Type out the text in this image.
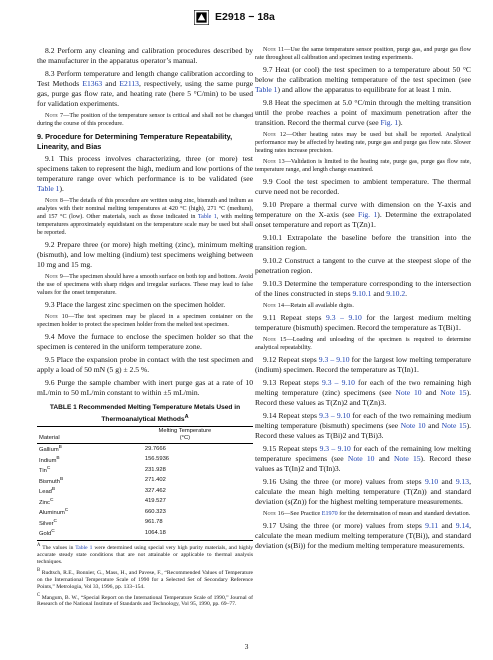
E2918 − 18a

8.2 Perform any cleaning and calibration procedures described by the manufacturer in the apparatus operator’s manual.

8.3 Perform temperature and length change calibration according to Test Methods E1363 and E2113, respectively, using the same purge gas, purge gas flow rate, and heating rate (here 5 °C/min) to be used for validation experiments.

Note 7—The position of the temperature sensor is critical and shall not be changed during the course of this procedure.

9. Procedure for Determining Temperature Repeatability, Linearity, and Bias

9.1 This process involves characterizing, three (or more) test specimens taken to represent the high, medium and low portions of the temperature range over which performance is to be validated (see Table 1).

Note 8—The details of this procedure are written using zinc, bismuth and indium as analytes with their nominal melting temperatures at 420 °C (high), 271 °C (medium), and 157 °C (low). Other materials, such as those indicated in Table 1, with melting temperatures approximately equidistant on the temperature scale may be used but shall be reported.

9.2 Prepare three (or more) high melting (zinc), minimum melting (bismuth), and low melting (indium) test specimens weighing between 10 mg and 15 mg.

Note 9—The specimen should have a smooth surface on both top and bottom. Avoid the use of specimens with sharp ridges and irregular surfaces. These may lead to false values for the onset temperature.

9.3 Place the largest zinc specimen on the specimen holder.

Note 10—The test specimen may be placed in a specimen container on the specimen holder to protect the specimen holder from the melted test specimen.

9.4 Move the furnace to enclose the specimen holder so that the specimen is centered in the uniform temperature zone.

9.5 Place the expansion probe in contact with the test specimen and apply a load of 50 mN (5 g) ± 2.5 %.

9.6 Purge the sample chamber with inert purge gas at a rate of 10 mL/min to 50 mL/min constant to within ±5 mL/min.

TABLE 1 Recommended Melting Temperature Metals Used in Thermoanalytical Methods$^A$
Material	Melting Temperature
(°C)
Gallium$^B$	29.7666
Indium$^B$	156.5936
Tin$^C$	231.928
Bismuth$^B$	271.402
Lead$^B$	327.462
Zinc$^C$	419.527
Aluminum$^C$	660.323
Silver$^C$	961.78
Gold$^C$	1064.18

$^A$ The values in Table 1 were determined using special very high purity materials, and highly accurate steady state conditions that are not attainable or applicable to thermal analysis techniques.

$^B$ Rudtsch, R.E., Bonnier, G., Mass, H., and Pavese, F., “Recommended Values of Temperature on the International Temperature Scale of 1990 for a Selected Set of Secondary Reference Points,” Metrologia, Vol 33, 1996, pp. 133–154.

$^C$ Mangum, B. W., “Special Report on the International Temperature Scale of 1990,” Journal of Research of the National Institute of Standards and Technology, Vol 95, 1990, pp. 69–77.

Note 11—Use the same temperature sensor position, purge gas, and purge gas flow rate throughout all calibration and specimen testing experiments.

9.7 Heat (or cool) the test specimen to a temperature about 50 °C below the calibration melting temperature of the test specimen (see Table 1) and allow the apparatus to equilibrate for at least 1 min.

9.8 Heat the specimen at 5.0 °C/min through the melting transition until the probe reaches a point of maximum penetration after the transition. Record the thermal curve (see Fig. 1).

Note 12—Other heating rates may be used but shall be reported. Analytical performance may be affected by heating rate, purge gas and purge gas flow rate. Slower heating rates increase precision.

Note 13—Validation is limited to the heating rate, purge gas, purge gas flow rate, temperature range, and length change examined.

9.9 Cool the test specimen to ambient temperature. The thermal curve need not be recorded.

9.10 Prepare a thermal curve with dimension on the Y-axis and temperature on the X-axis (see Fig. 1). Determine the extrapolated onset temperature and report as T(Zn)1.

9.10.1 Extrapolate the baseline before the transition into the transition region.

9.10.2 Construct a tangent to the curve at the steepest slope of the penetration region.

9.10.3 Determine the temperature corresponding to the intersection of the lines constructed in steps 9.10.1 and 9.10.2.

Note 14—Retain all available digits.

9.11 Repeat steps 9.3 – 9.10 for the largest medium melting temperature (bismuth) specimen. Record the temperature as T(Bi)1.

Note 15—Loading and unloading of the specimen is required to determine analytical repeatability.

9.12 Repeat steps 9.3 – 9.10 for the largest low melting temperature (indium) specimen. Record the temperature as T(In)1.

9.13 Repeat steps 9.3 – 9.10 for each of the two remaining high melting temperature (zinc) specimens (see Note 10 and Note 15). Record these values as T(Zn)2 and T(Zn)3.

9.14 Repeat steps 9.3 – 9.10 for each of the two remaining medium melting temperature (bismuth) specimens (see Note 10 and Note 15). Record these values as T(Bi)2 and T(Bi)3.

9.15 Repeat steps 9.3 – 9.10 for each of the remaining low melting temperature specimens (see Note 10 and Note 15). Record these values as T(In)2 and T(In)3.

9.16 Using the three (or more) values from steps 9.10 and 9.13, calculate the mean high melting temperature (T(Zn)) and standard deviation (s(Zn)) for the highest melting temperature measurements.

Note 16—See Practice E1970 for the determination of mean and standard deviation.

9.17 Using the three (or more) values from steps 9.11 and 9.14, calculate the mean medium melting temperature (T(Bi)), and standard deviation (s(Bi)) for the medium melting temperature measurements.

3
